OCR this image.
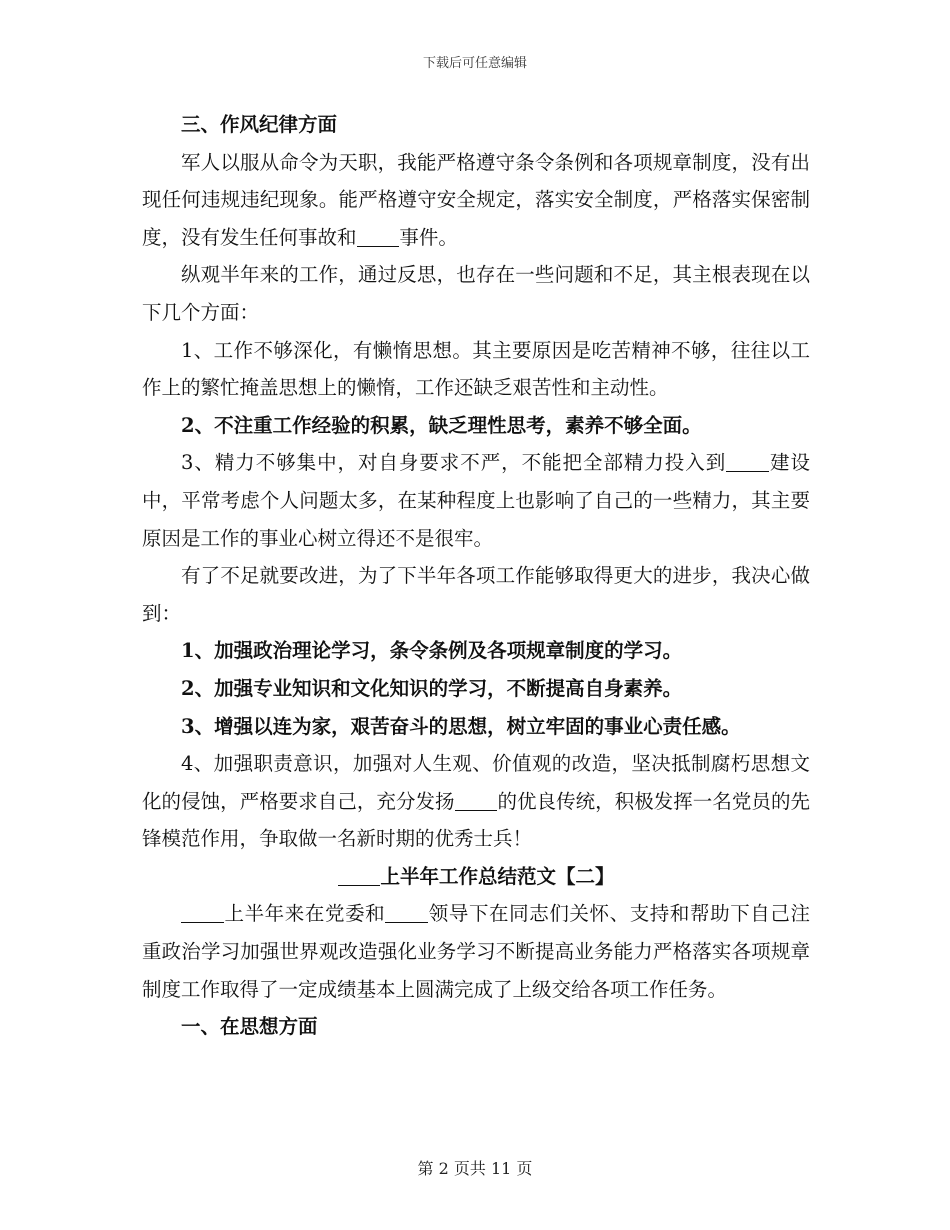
下载后可任意编辑

三、作风纪律方面

军人以服从命令为天职，我能严格遵守条令条例和各项规章制度，没有出现任何违规违纪现象。能严格遵守安全规定，落实安全制度，严格落实保密制度，没有发生任何事故和 事件。

纵观半年来的工作，通过反思，也存在一些问题和不足，其主根表现在以下几个方面：

1、工作不够深化，有懒惰思想。其主要原因是吃苦精神不够，往往以工作上的繁忙掩盖思想上的懒惰，工作还缺乏艰苦性和主动性。

2、不注重工作经验的积累，缺乏理性思考，素养不够全面。

3、精力不够集中，对自身要求不严，不能把全部精力投入到 建设中，平常考虑个人问题太多，在某种程度上也影响了自己的一些精力，其主要原因是工作的事业心树立得还不是很牢。

有了不足就要改进，为了下半年各项工作能够取得更大的进步，我决心做到：

1、加强政治理论学习，条令条例及各项规章制度的学习。

2、加强专业知识和文化知识的学习，不断提高自身素养。

3、增强以连为家，艰苦奋斗的思想，树立牢固的事业心责任感。

4、加强职责意识，加强对人生观、价值观的改造，坚决抵制腐朽思想文化的侵蚀，严格要求自己，充分发扬 的优良传统，积极发挥一名党员的先锋模范作用，争取做一名新时期的优秀士兵！

上半年工作总结范文【二】

上半年来在党委和 领导下在同志们关怀、支持和帮助下自己注重政治学习加强世界观改造强化业务学习不断提高业务能力严格落实各项规章制度工作取得了一定成绩基本上圆满完成了上级交给各项工作任务。

一、在思想方面

第 2 页共 11 页
